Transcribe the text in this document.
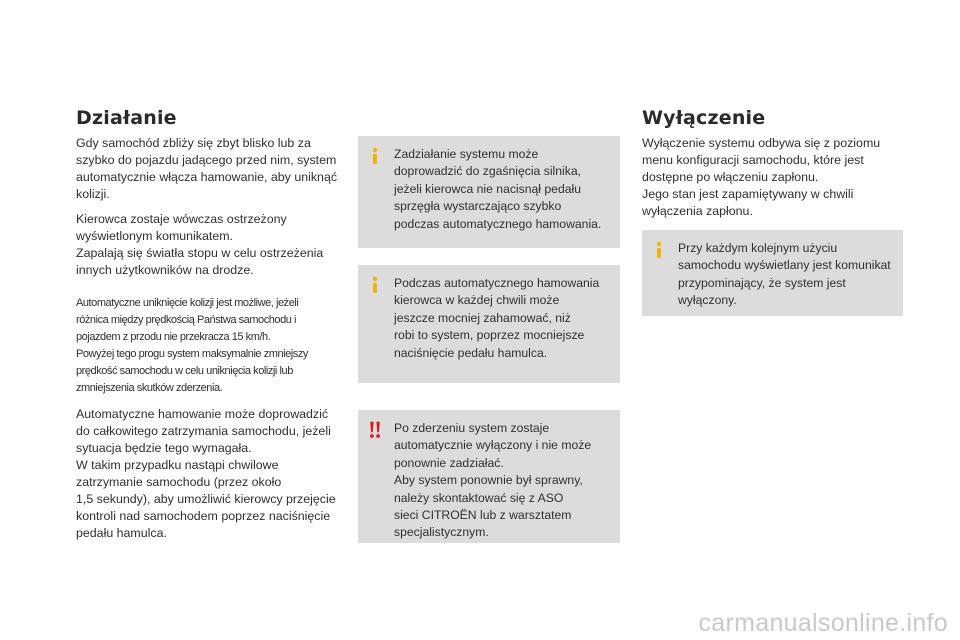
Działanie

Gdy samochód zbliży się zbyt blisko lub za
szybko do pojazdu jadącego przed nim, system
automatycznie włącza hamowanie, aby uniknąć
kolizji.

Kierowca zostaje wówczas ostrzeżony
wyświetlonym komunikatem.
Zapalają się światła stopu w celu ostrzeżenia
innych użytkowników na drodze.

Automatyczne uniknięcie kolizji jest możliwe, jeżeli
różnica między prędkością Państwa samochodu i
pojazdem z przodu nie przekracza 15 km/h.
Powyżej tego progu system maksymalnie zmniejszy
prędkość samochodu w celu uniknięcia kolizji lub
zmniejszenia skutków zderzenia.

Automatyczne hamowanie może doprowadzić
do całkowitego zatrzymania samochodu, jeżeli
sytuacja będzie tego wymagała.
W takim przypadku nastąpi chwilowe
zatrzymanie samochodu (przez około
1,5 sekundy), aby umożliwić kierowcy przejęcie
kontroli nad samochodem poprzez naciśnięcie
pedału hamulca.

Zadziałanie systemu może
doprowadzić do zgaśnięcia silnika,
jeżeli kierowca nie nacisnął pedału
sprzęgła wystarczająco szybko
podczas automatycznego hamowania.

Podczas automatycznego hamowania
kierowca w każdej chwili może
jeszcze mocniej zahamować, niż
robi to system, poprzez mocniejsze
naciśnięcie pedału hamulca.

Po zderzeniu system zostaje
automatycznie wyłączony i nie może
ponownie zadziałać.
Aby system ponownie był sprawny,
należy skontaktować się z ASO
sieci CITROËN lub z warsztatem
specjalistycznym.

Wyłączenie

Wyłączenie systemu odbywa się z poziomu
menu konfiguracji samochodu, które jest
dostępne po włączeniu zapłonu.
Jego stan jest zapamiętywany w chwili
wyłączenia zapłonu.

Przy każdym kolejnym użyciu
samochodu wyświetlany jest komunikat
przypominający, że system jest
wyłączony.

carmanualsonline.info
